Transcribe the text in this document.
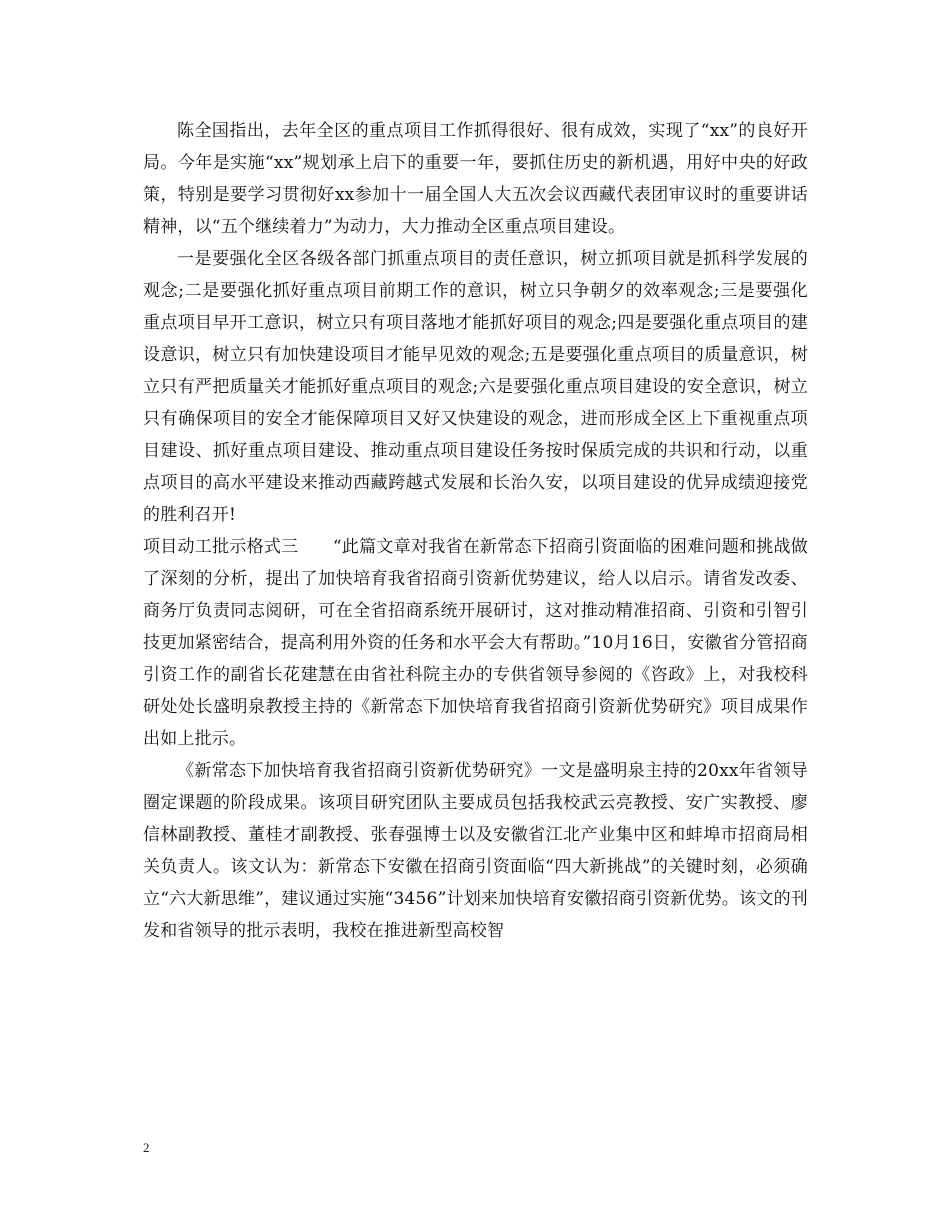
陈全国指出，去年全区的重点项目工作抓得很好、很有成效，实现了“xx”的良好开局。今年是实施“xx”规划承上启下的重要一年，要抓住历史的新机遇，用好中央的好政策，特别是要学习贯彻好xx参加十一届全国人大五次会议西藏代表团审议时的重要讲话精神，以“五个继续着力”为动力，大力推动全区重点项目建设。

一是要强化全区各级各部门抓重点项目的责任意识，树立抓项目就是抓科学发展的观念;二是要强化抓好重点项目前期工作的意识，树立只争朝夕的效率观念;三是要强化重点项目早开工意识，树立只有项目落地才能抓好项目的观念;四是要强化重点项目的建设意识，树立只有加快建设项目才能早见效的观念;五是要强化重点项目的质量意识，树立只有严把质量关才能抓好重点项目的观念;六是要强化重点项目建设的安全意识，树立只有确保项目的安全才能保障项目又好又快建设的观念，进而形成全区上下重视重点项目建设、抓好重点项目建设、推动重点项目建设任务按时保质完成的共识和行动，以重点项目的高水平建设来推动西藏跨越式发展和长治久安，以项目建设的优异成绩迎接党的胜利召开!

项目动工批示格式三　　“此篇文章对我省在新常态下招商引资面临的困难问题和挑战做了深刻的分析，提出了加快培育我省招商引资新优势建议，给人以启示。请省发改委、商务厅负责同志阅研，可在全省招商系统开展研讨，这对推动精准招商、引资和引智引技更加紧密结合，提高利用外资的任务和水平会大有帮助。”10月16日，安徽省分管招商引资工作的副省长花建慧在由省社科院主办的专供省领导参阅的《咨政》上，对我校科研处处长盛明泉教授主持的《新常态下加快培育我省招商引资新优势研究》项目成果作出如上批示。

《新常态下加快培育我省招商引资新优势研究》一文是盛明泉主持的20xx年省领导圈定课题的阶段成果。该项目研究团队主要成员包括我校武云亮教授、安广实教授、廖信林副教授、董桂才副教授、张春强博士以及安徽省江北产业集中区和蚌埠市招商局相关负责人。该文认为：新常态下安徽在招商引资面临“四大新挑战”的关键时刻，必须确立“六大新思维”，建议通过实施“3456”计划来加快培育安徽招商引资新优势。该文的刊发和省领导的批示表明，我校在推进新型高校智

2
